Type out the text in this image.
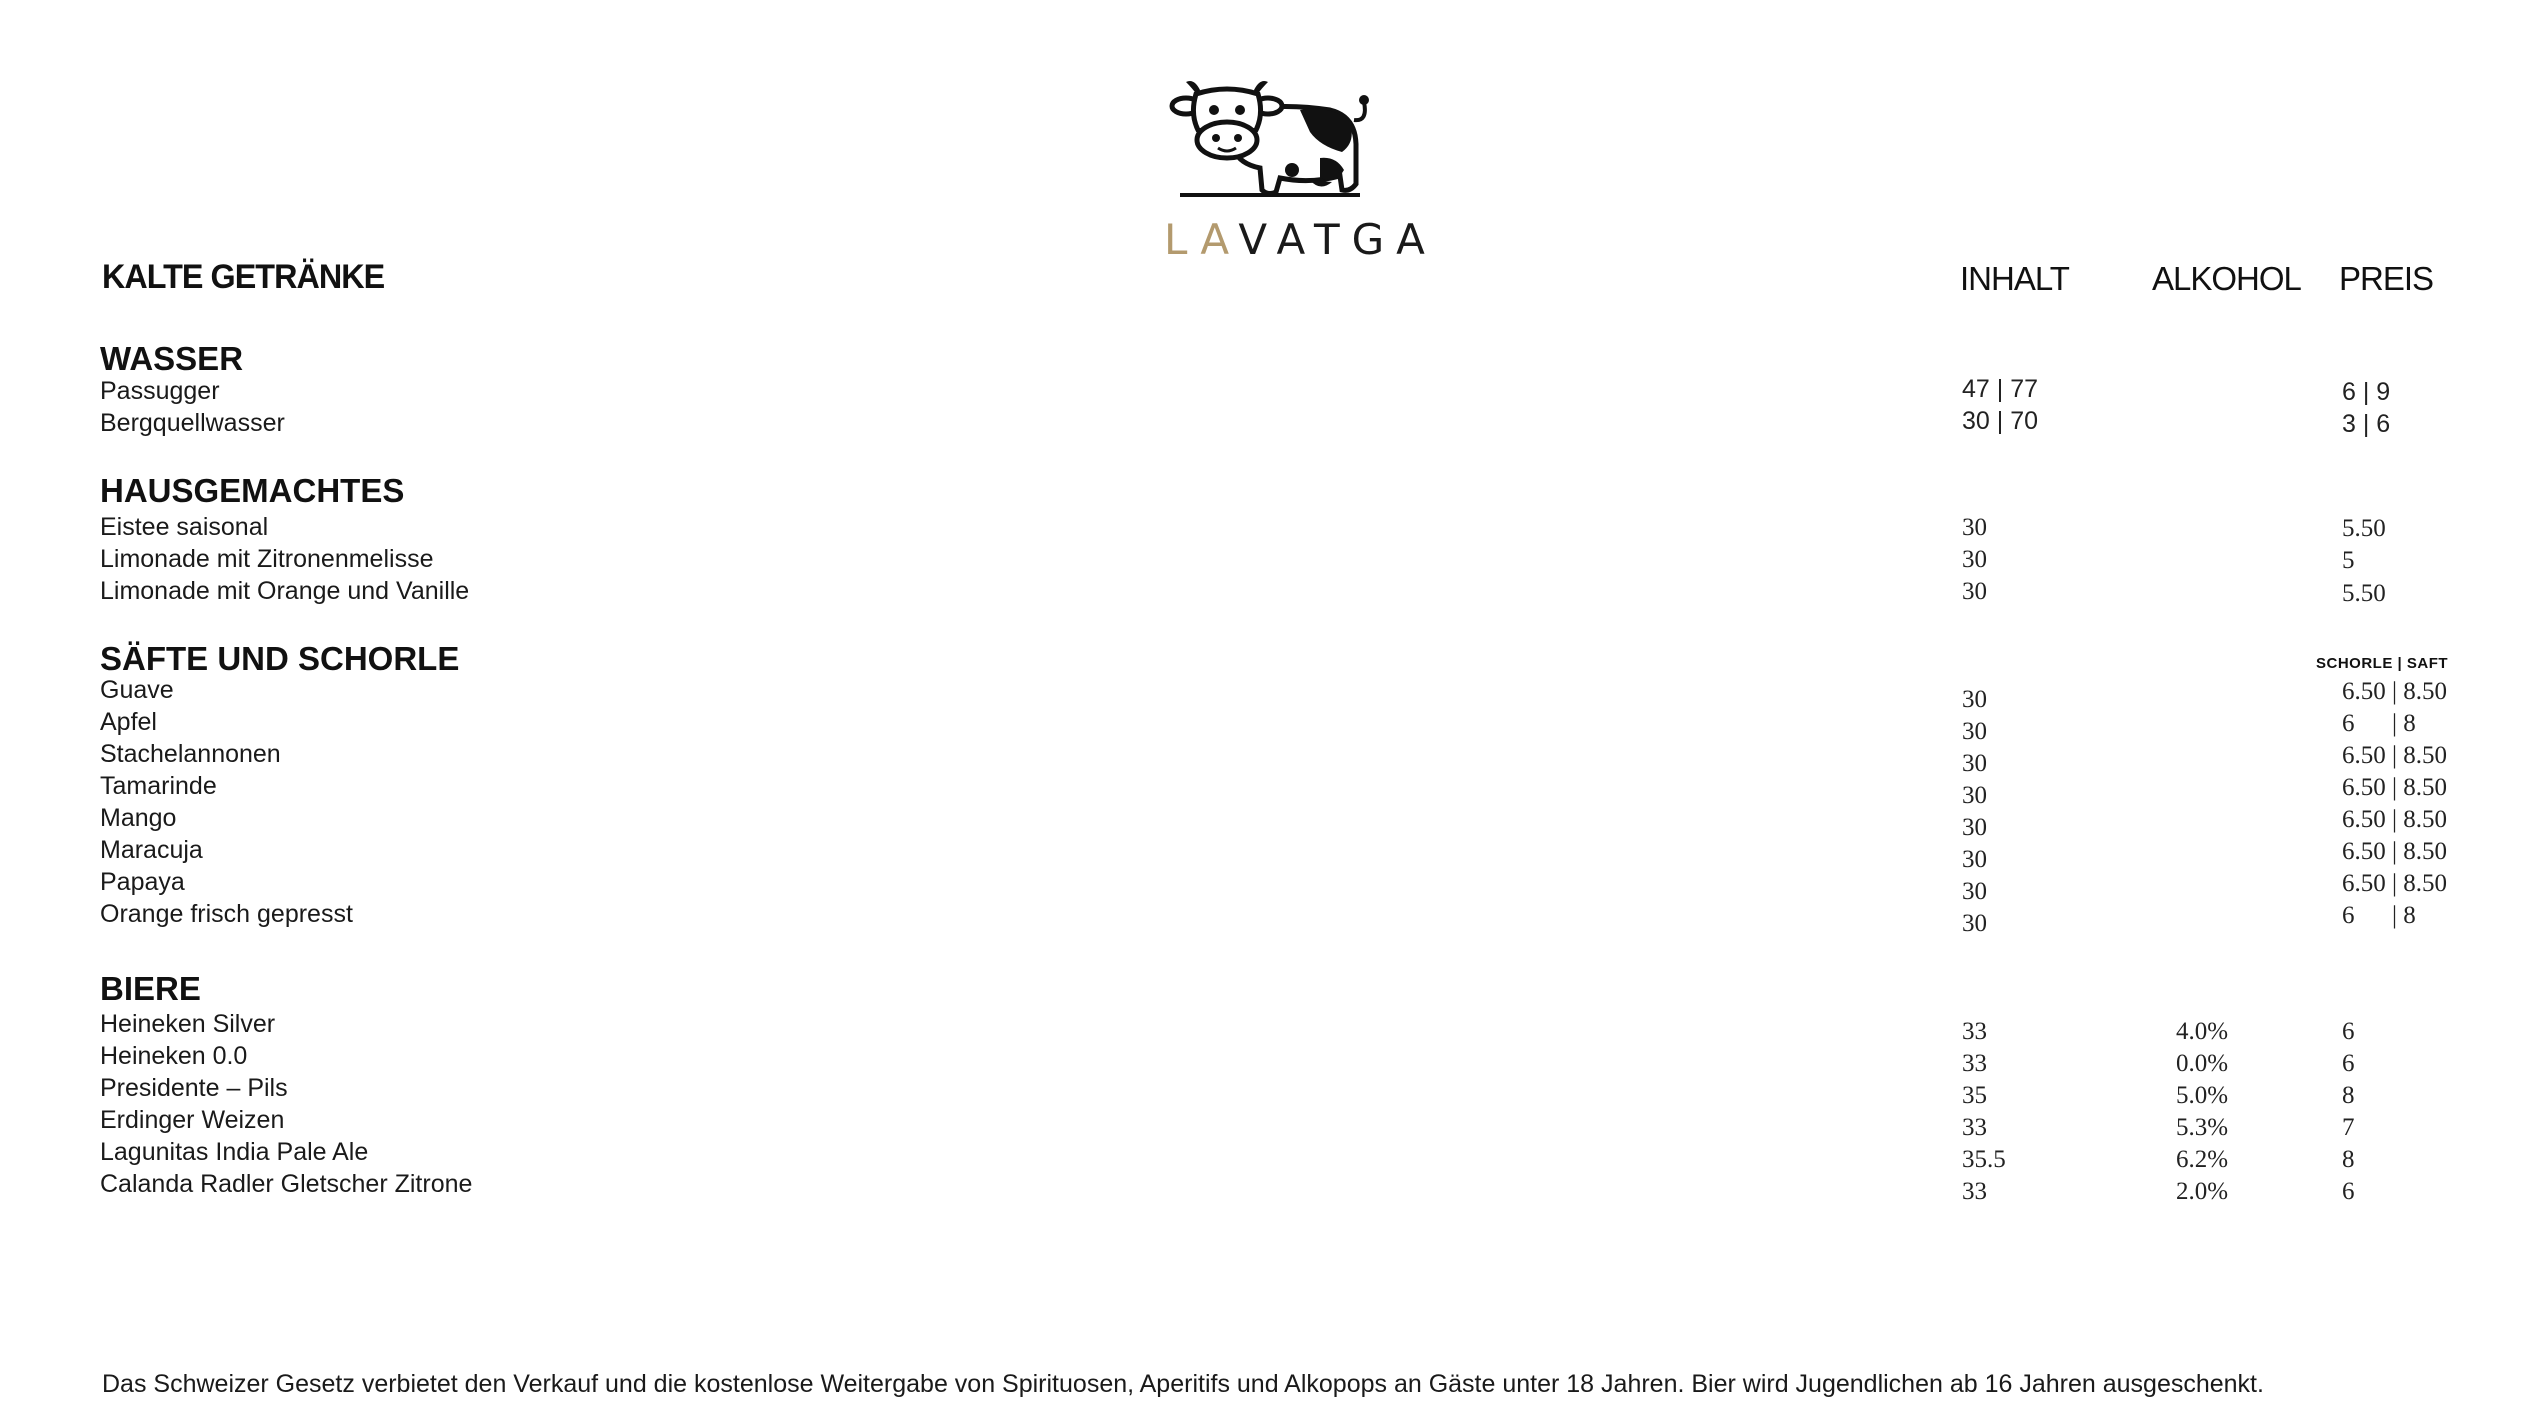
LAVATGA
KALTE GETRÄNKE	INHALT	ALKOHOL PREIS
WASSER
Passugger	47 | 77	6 | 9
Bergquellwasser	30 | 70	3 | 6
HAUSGEMACHTES
Eistee saisonal	30	5.50
Limonade mit Zitronenmelisse	30	5
Limonade mit Orange und Vanille	30	5.50
SÄFTE UND SCHORLE	SCHORLE | SAFT
Guave	30	6.50 | 8.50
Apfel	30	6      | 8
Stachelannonen	30	6.50 | 8.50
Tamarinde	30	6.50 | 8.50
Mango	30	6.50 | 8.50
Maracuja	30	6.50 | 8.50
Papaya	30	6.50 | 8.50
Orange frisch gepresst	30	6      | 8
BIERE
Heineken Silver	33	4.0%	6
Heineken 0.0	33	0.0%	6
Presidente – Pils	35	5.0%	8
Erdinger Weizen	33	5.3%	7
Lagunitas India Pale Ale	35.5	6.2%	8
Calanda Radler Gletscher Zitrone	33	2.0%	6
Das Schweizer Gesetz verbietet den Verkauf und die kostenlose Weitergabe von Spirituosen, Aperitifs und Alkopops an Gäste unter 18 Jahren. Bier wird Jugendlichen ab 16 Jahren ausgeschenkt.
